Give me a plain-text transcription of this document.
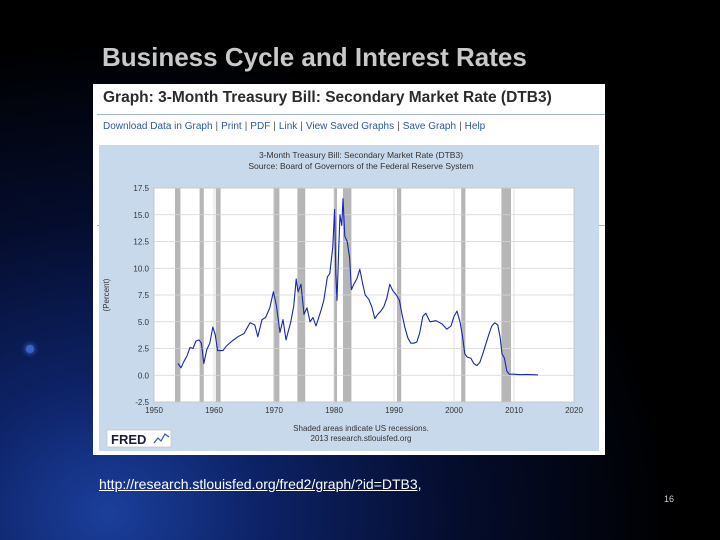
Business Cycle and Interest Rates
Graph: 3-Month Treasury Bill: Secondary Market Rate (DTB3)
Download Data in Graph | Print | PDF | Link | View Saved Graphs | Save Graph | Help
3-Month Treasury Bill: Secondary Market Rate (DTB3)
Source: Board of Governors of the Federal Reserve System
17.5
15.0
12.5
10.0
7.5
5.0
2.5
0.0
-2.5
1950	1960	1970	1980	1990	2000	2010	2020
(Percent)
Shaded areas indicate US recessions.
2013 research.stlouisfed.org
FRED
http://research.stlouisfed.org/fred2/graph/?id=DTB3,
16
